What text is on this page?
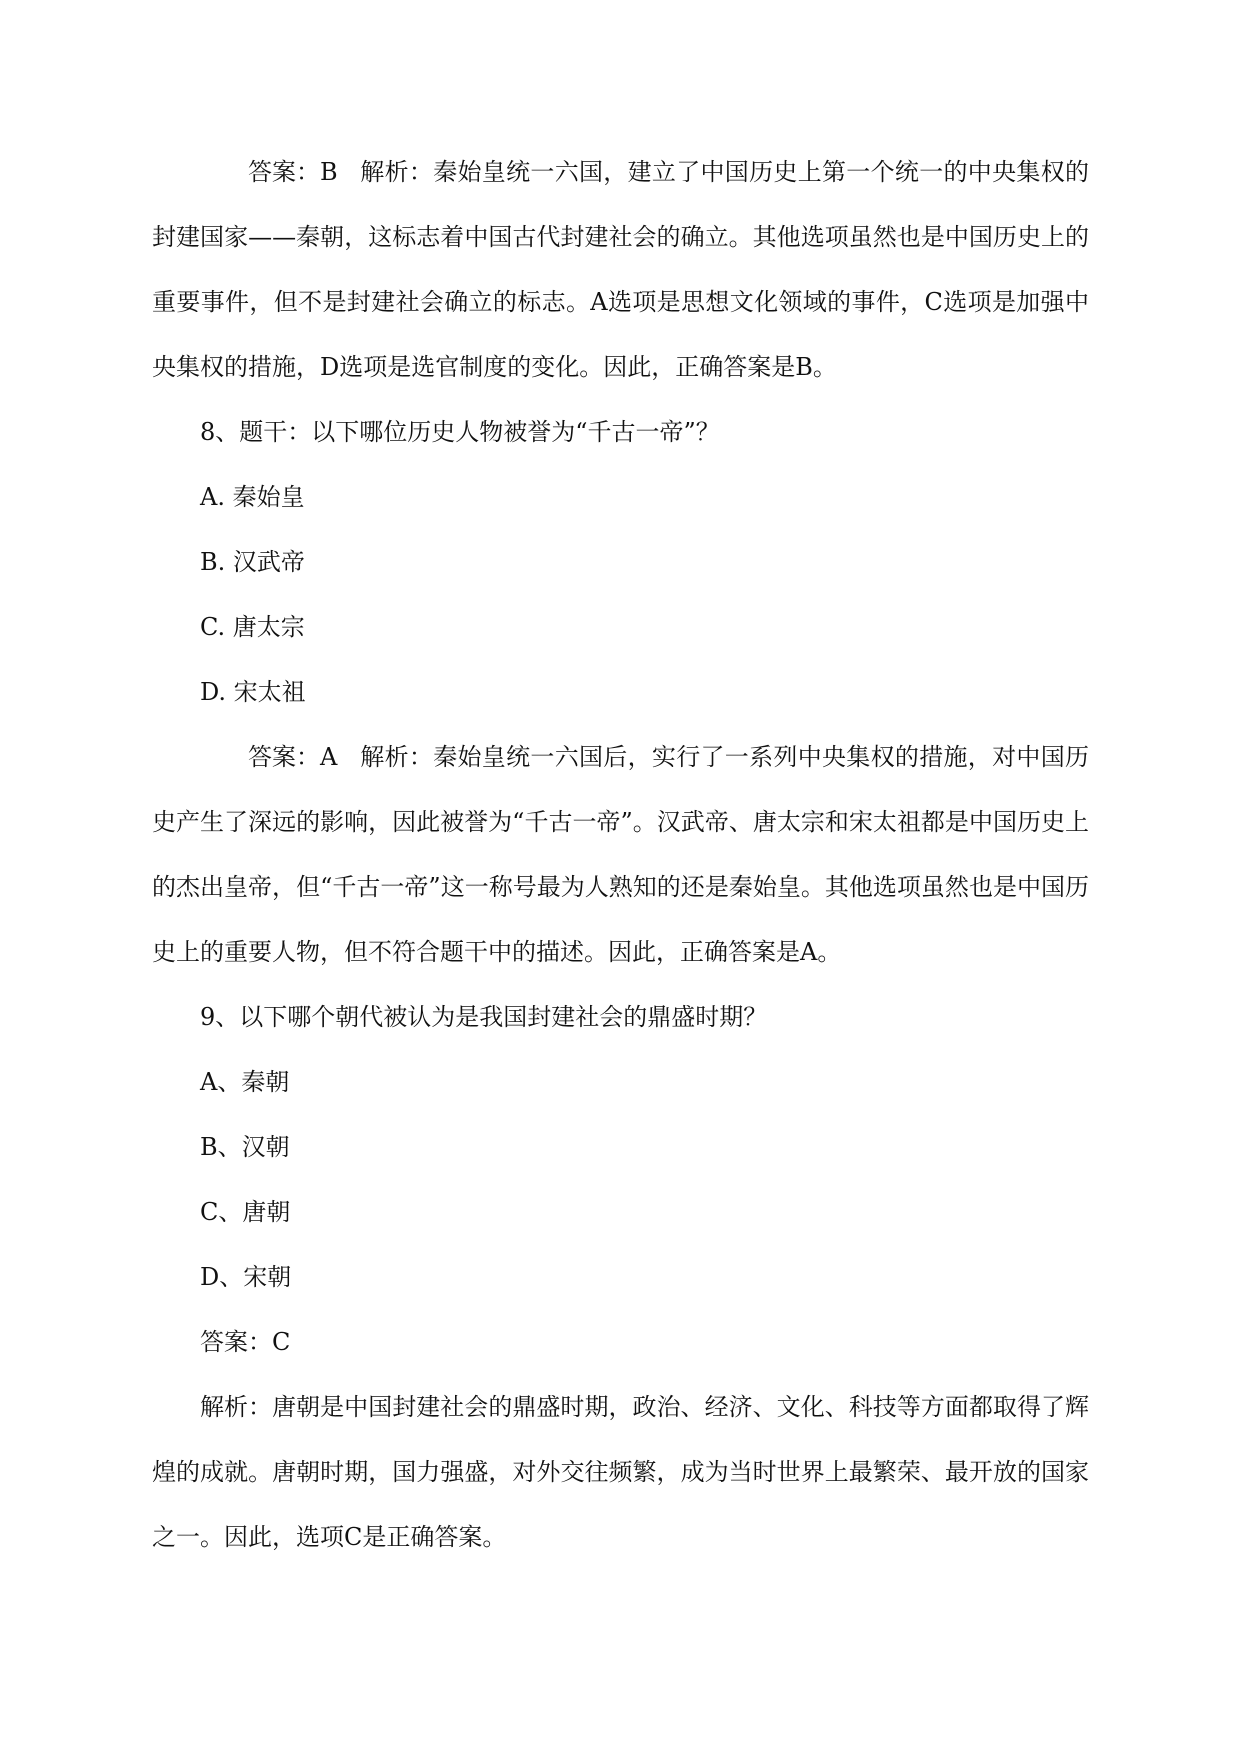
答案：B 解析：秦始皇统一六国，建立了中国历史上第一个统一的中央集权的封建国家——秦朝，这标志着中国古代封建社会的确立。其他选项虽然也是中国历史上的重要事件，但不是封建社会确立的标志。A选项是思想文化领域的事件，C选项是加强中央集权的措施，D选项是选官制度的变化。因此，正确答案是B。

8、题干：以下哪位历史人物被誉为“千古一帝”？

A. 秦始皇

B. 汉武帝

C. 唐太宗

D. 宋太祖

答案：A 解析：秦始皇统一六国后，实行了一系列中央集权的措施，对中国历史产生了深远的影响，因此被誉为“千古一帝”。汉武帝、唐太宗和宋太祖都是中国历史上的杰出皇帝，但“千古一帝”这一称号最为人熟知的还是秦始皇。其他选项虽然也是中国历史上的重要人物，但不符合题干中的描述。因此，正确答案是A。

9、以下哪个朝代被认为是我国封建社会的鼎盛时期？

A、秦朝

B、汉朝

C、唐朝

D、宋朝

答案：C

解析：唐朝是中国封建社会的鼎盛时期，政治、经济、文化、科技等方面都取得了辉煌的成就。唐朝时期，国力强盛，对外交往频繁，成为当时世界上最繁荣、最开放的国家之一。因此，选项C是正确答案。
